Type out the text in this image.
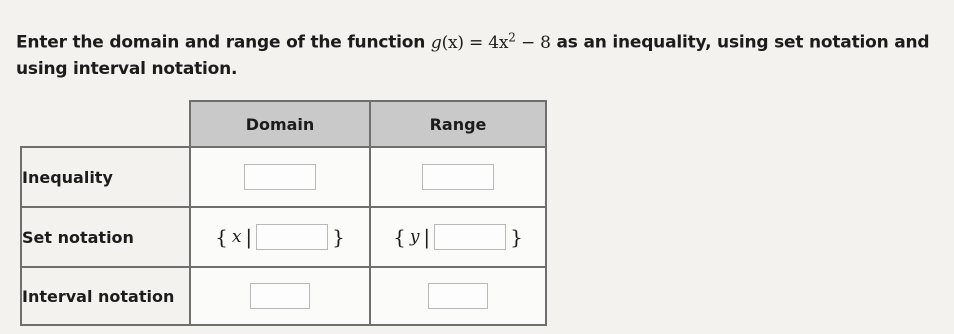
Enter the domain and range of the function $g(x) = 4x^2 - 8$ as an inequality, using set notation and using interval notation.
	Domain	Range
Inequality		
Set notation	{ x | }	{ y | }

Interval notation		
